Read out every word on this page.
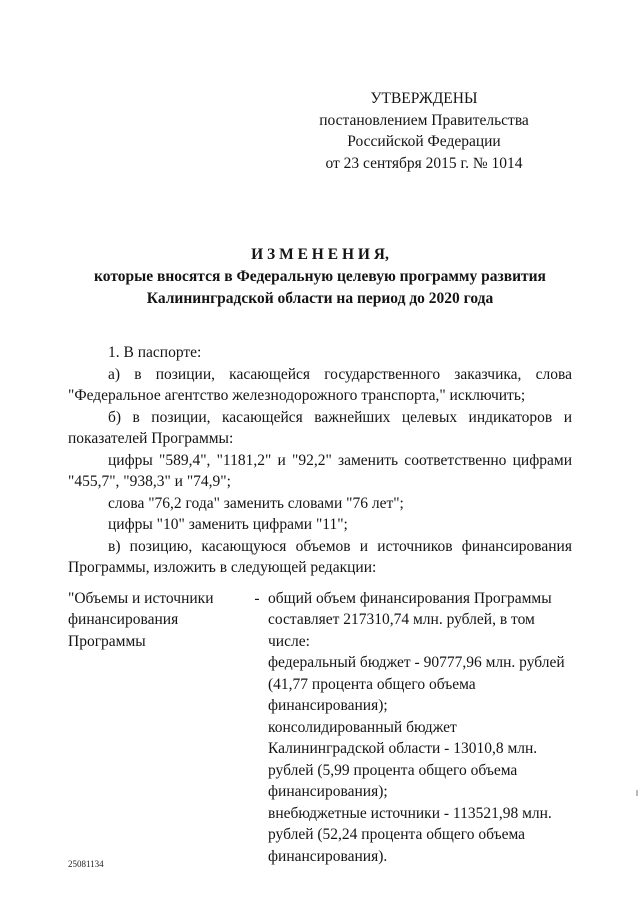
УТВЕРЖДЕНЫ

постановлением Правительства

Российской Федерации

от 23 сентября 2015 г. № 1014

И З М Е Н Е Н И Я,

которые вносятся в Федеральную целевую программу развития

Калининградской области на период до 2020 года

1. В паспорте:

а) в позиции, касающейся государственного заказчика, слова "Федеральное агентство железнодорожного транспорта," исключить;

б) в позиции, касающейся важнейших целевых индикаторов и показателей Программы:

цифры "589,4", "1181,2" и "92,2" заменить соответственно цифрами "455,7", "938,3" и "74,9";

слова "76,2 года" заменить словами "76 лет";

цифры "10" заменить цифрами "11";

в) позицию, касающуюся объемов и источников финансирования Программы, изложить в следующей редакции:

"Объемы и источники финансирования Программы
- общий объем финансирования Программы составляет 217310,74 млн. рублей, в том числе:

федеральный бюджет - 90777,96 млн. рублей (41,77 процента общего объема финансирования);

консолидированный бюджет Калининградской области - 13010,8 млн. рублей (5,99 процента общего объема финансирования);

внебюджетные источники - 113521,98 млн. рублей (52,24 процента общего объема финансирования).

25081134
